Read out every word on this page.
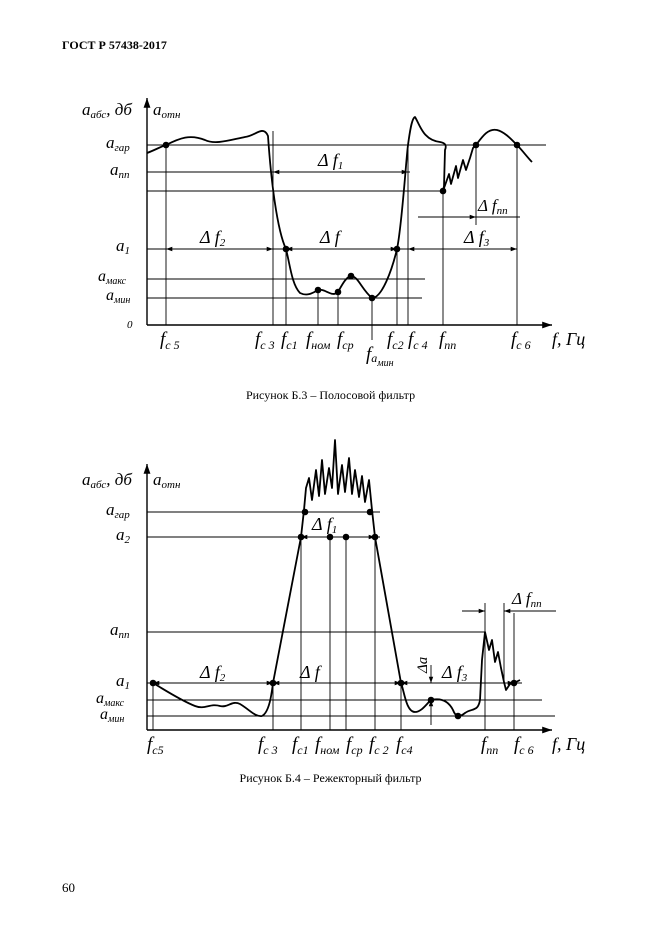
ГОСТ Р 57438-2017
aабс, дб aотн
aгар
aпп
a1
aмакс
aмин
0
Δ f1
Δ f2	Δ f	Δ f3
Δ fпп
$f_{c 5}$	$f_{c 3}$ $f_{c1}$ $f_{ном}$ $f_{ср}$ $f_{c2}$ $f_{c 4}$ $f_{пп}$	$f_{c 6}$
$fa_{мин}$
f, Гц
aабс, дб aотн
aгар
a2
aпп
a1
aмакс
aмин
Δ f1
Δ f2	Δ f	Δ f3
Δ fпп
Δa
$f_{c5}$	$f_{c 3}$ $f_{c1}$ $f_{ном}$ $f_{ср}$ $f_{c 2}$ $f_{c4}$	$f_{пп}$ $f_{c 6}$ f, Гц
Рисунок Б.3 – Полосовой фильтр
Рисунок Б.4 – Режекторный фильтр
60
